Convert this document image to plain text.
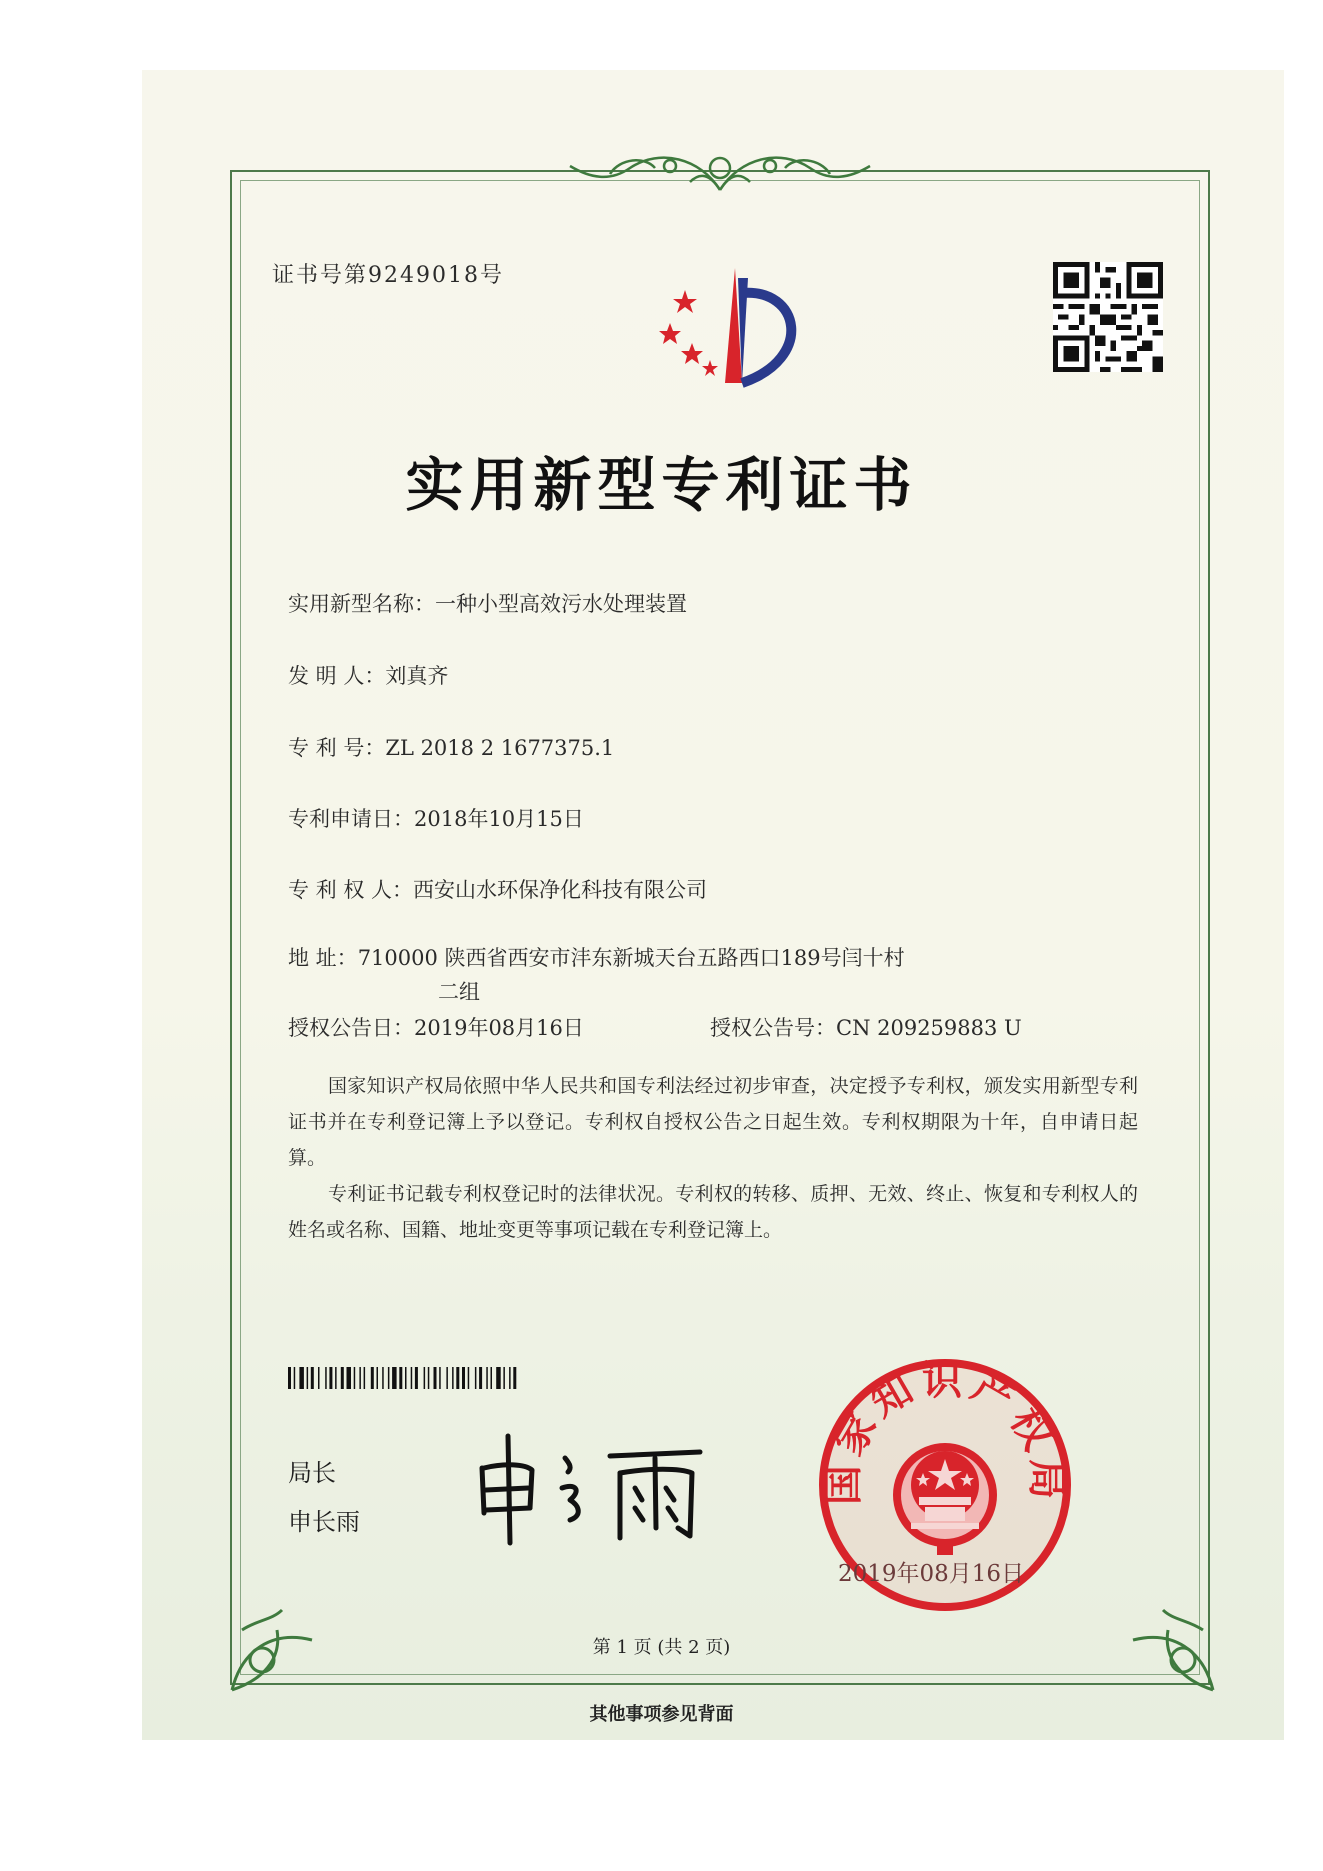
证书号第9249018号
实用新型专利证书
实用新型名称：一种小型高效污水处理装置
发 明 人：刘真齐
专 利 号：ZL 2018 2 1677375.1
专利申请日：2018年10月15日
专 利 权 人：西安山水环保净化科技有限公司
地 址：710000 陕西省西安市沣东新城天台五路西口189号闫十村
二组
授权公告日：2019年08月16日	授权公告号：CN 209259883 U
国家知识产权局依照中华人民共和国专利法经过初步审查，决定授予专利权，颁发实用新型专利证书并在专利登记簿上予以登记。专利权自授权公告之日起生效。专利权期限为十年，自申请日起算。
专利证书记载专利权登记时的法律状况。专利权的转移、质押、无效、终止、恢复和专利权人的姓名或名称、国籍、地址变更等事项记载在专利登记簿上。
局长
申长雨
国家知识产权局
2019年08月16日
第 1 页 (共 2 页)
其他事项参见背面
